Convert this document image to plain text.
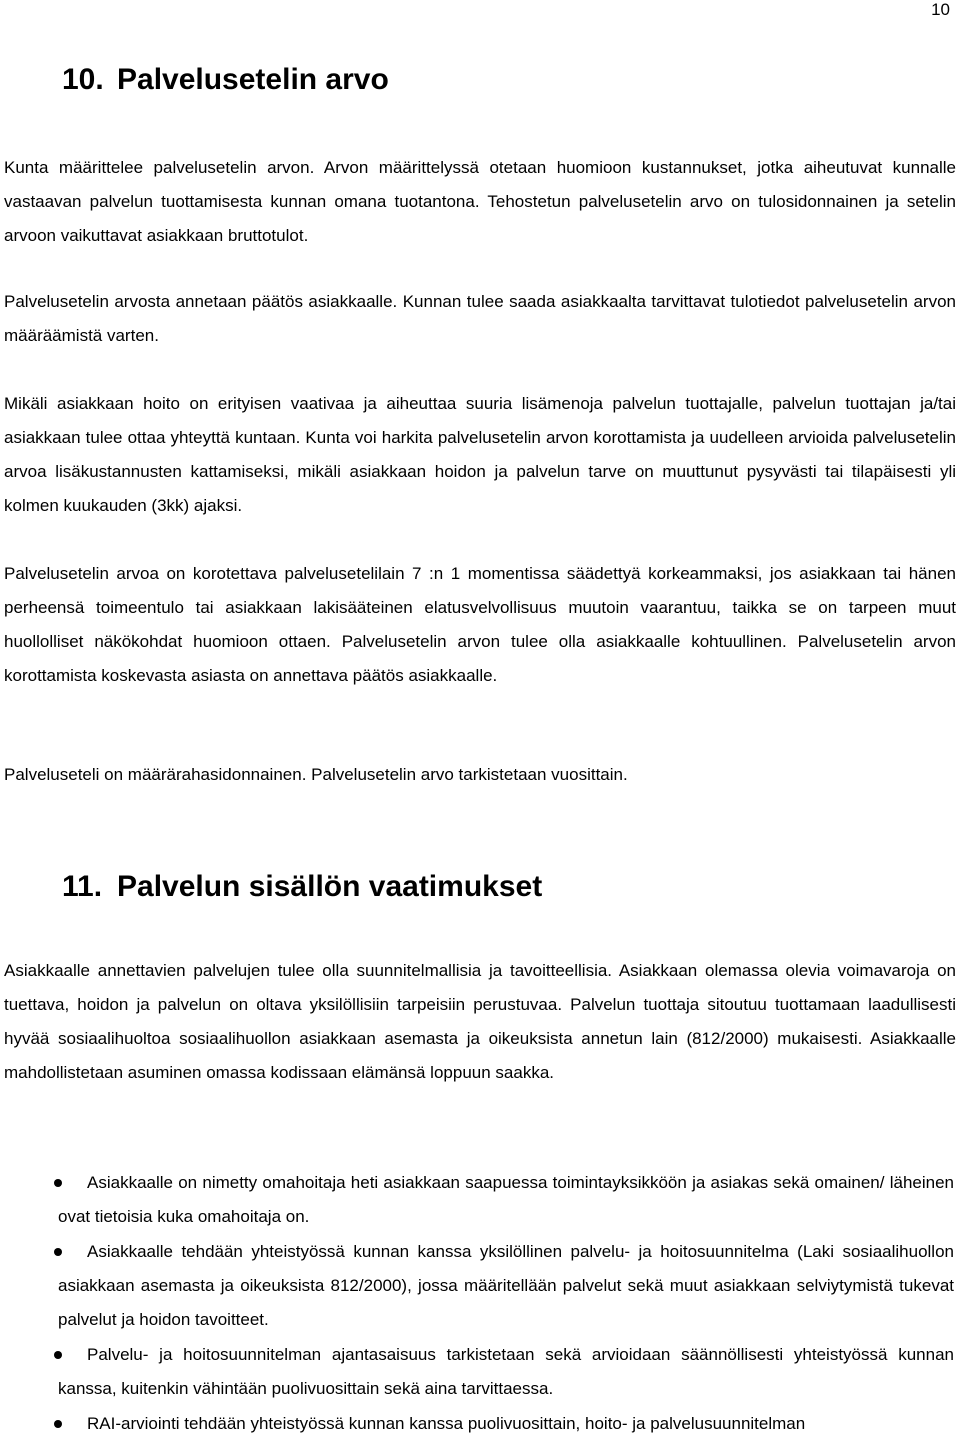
10
10. Palvelusetelin arvo

Kunta määrittelee palvelusetelin arvon. Arvon määrittelyssä otetaan huomioon kustannukset, jotka aiheutuvat kunnalle vastaavan palvelun tuottamisesta kunnan omana tuotantona. Tehostetun palvelusetelin arvo on tulosidonnainen ja setelin arvoon vaikuttavat asiakkaan bruttotulot.

Palvelusetelin arvosta annetaan päätös asiakkaalle. Kunnan tulee saada asiakkaalta tarvittavat tulotiedot palvelusetelin arvon määräämistä varten.

Mikäli asiakkaan hoito on erityisen vaativaa ja aiheuttaa suuria lisämenoja palvelun tuottajalle, palvelun tuottajan ja/tai asiakkaan tulee ottaa yhteyttä kuntaan. Kunta voi harkita palvelusetelin arvon korottamista ja uudelleen arvioida palvelusetelin arvoa lisäkustannusten kattamiseksi, mikäli asiakkaan hoidon ja palvelun tarve on muuttunut pysyvästi tai tilapäisesti yli kolmen kuukauden (3kk) ajaksi.

Palvelusetelin arvoa on korotettava palvelusetelilain 7 :n 1 momentissa säädettyä korkeammaksi, jos asiakkaan tai hänen perheensä toimeentulo tai asiakkaan lakisääteinen elatusvelvollisuus muutoin vaarantuu, taikka se on tarpeen muut huollolliset näkökohdat huomioon ottaen. Palvelusetelin arvon tulee olla asiakkaalle kohtuullinen. Palvelusetelin arvon korottamista koskevasta asiasta on annettava päätös asiakkaalle.

Palveluseteli on määrärahasidonnainen. Palvelusetelin arvo tarkistetaan vuosittain.

11. Palvelun sisällön vaatimukset

Asiakkaalle annettavien palvelujen tulee olla suunnitelmallisia ja tavoitteellisia. Asiakkaan olemassa olevia voimavaroja on tuettava, hoidon ja palvelun on oltava yksilöllisiin tarpeisiin perustuvaa. Palvelun tuottaja sitoutuu tuottamaan laadullisesti hyvää sosiaalihuoltoa sosiaalihuollon asiakkaan asemasta ja oikeuksista annetun lain (812/2000) mukaisesti. Asiakkaalle mahdollistetaan asuminen omassa kodissaan elämänsä loppuun saakka.

Asiakkaalle on nimetty omahoitaja heti asiakkaan saapuessa toimintayksikköön ja asiakas sekä omainen/ läheinen ovat tietoisia kuka omahoitaja on.
Asiakkaalle tehdään yhteistyössä kunnan kanssa yksilöllinen palvelu- ja hoitosuunnitelma (Laki sosiaalihuollon asiakkaan asemasta ja oikeuksista 812/2000), jossa määritellään palvelut sekä muut asiakkaan selviytymistä tukevat palvelut ja hoidon tavoitteet.
Palvelu- ja hoitosuunnitelman ajantasaisuus tarkistetaan sekä arvioidaan säännöllisesti yhteistyössä kunnan kanssa, kuitenkin vähintään puolivuosittain sekä aina tarvittaessa.
RAI-arviointi tehdään yhteistyössä kunnan kanssa puolivuosittain, hoito- ja palvelusuunnitelman
